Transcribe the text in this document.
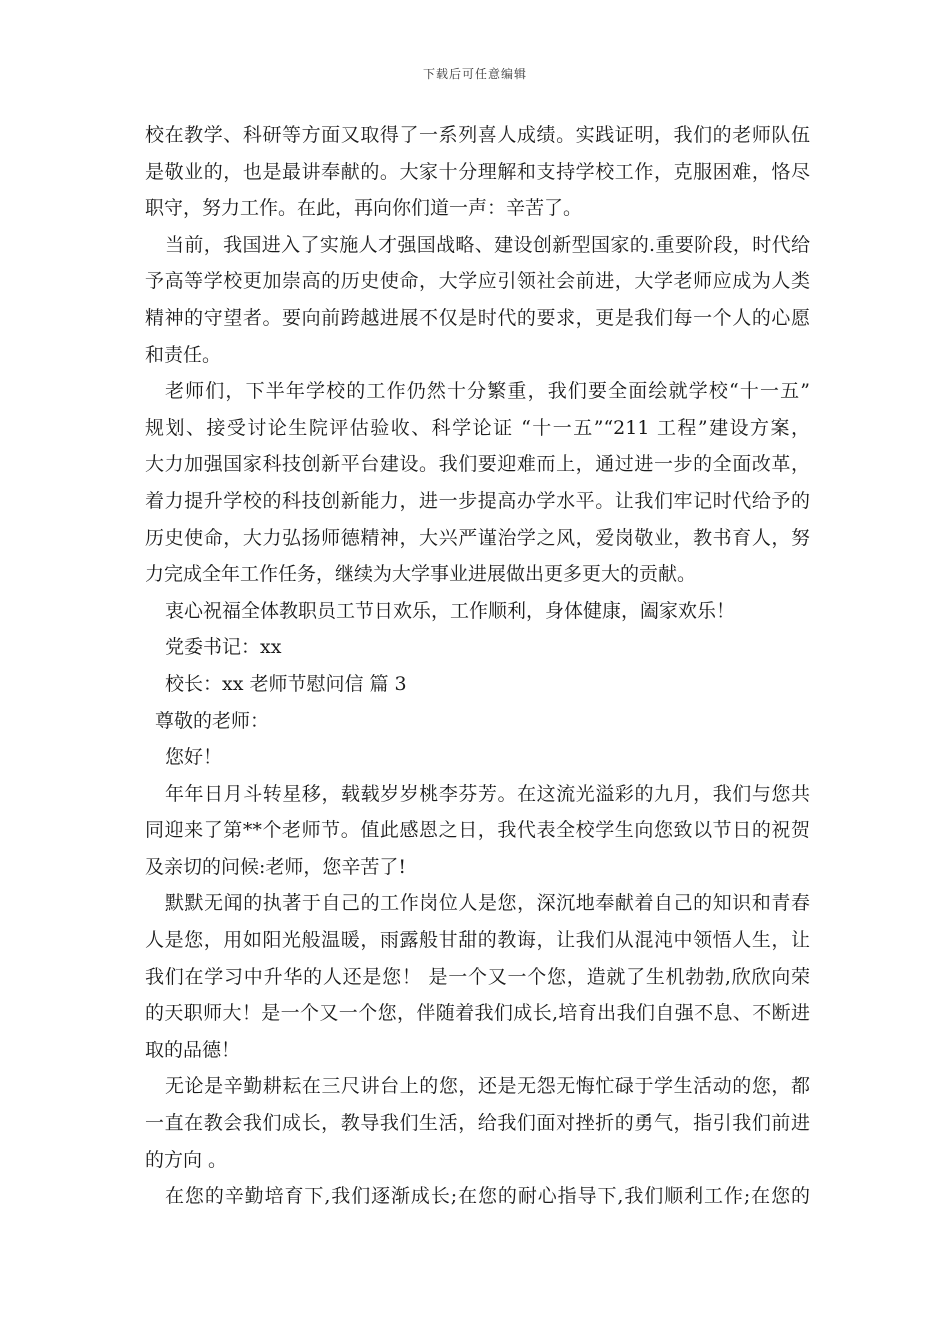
下载后可任意编辑
校在教学、科研等方面又取得了一系列喜人成绩。实践证明，我们的老师队伍
是敬业的，也是最讲奉献的。大家十分理解和支持学校工作，克服困难，恪尽
职守，努力工作。在此，再向你们道一声：辛苦了。
当前，我国进入了实施人才强国战略、建设创新型国家的.重要阶段，时代给
予高等学校更加崇高的历史使命，大学应引领社会前进，大学老师应成为人类
精神的守望者。要向前跨越进展不仅是时代的要求，更是我们每一个人的心愿
和责任。
老师们，下半年学校的工作仍然十分繁重，我们要全面绘就学校“十一五”
规划、接受讨论生院评估验收、科学论证 “十一五”“211 工程”建设方案，
大力加强国家科技创新平台建设。我们要迎难而上，通过进一步的全面改革，
着力提升学校的科技创新能力，进一步提高办学水平。让我们牢记时代给予的
历史使命，大力弘扬师德精神，大兴严谨治学之风，爱岗敬业，教书育人，努
力完成全年工作任务，继续为大学事业进展做出更多更大的贡献。
衷心祝福全体教职员工节日欢乐，工作顺利，身体健康，阖家欢乐！
党委书记：xx
校长：xx 老师节慰问信 篇 3
尊敬的老师：
您好！
年年日月斗转星移，载载岁岁桃李芬芳。在这流光溢彩的九月，我们与您共
同迎来了第**个老师节。值此感恩之日，我代表全校学生向您致以节日的祝贺
及亲切的问候:老师，您辛苦了!
默默无闻的执著于自己的工作岗位人是您，深沉地奉献着自己的知识和青春
人是您，用如阳光般温暖，雨露般甘甜的教诲，让我们从混沌中领悟人生，让
我们在学习中升华的人还是您！ 是一个又一个您，造就了生机勃勃,欣欣向荣
的天职师大！是一个又一个您，伴随着我们成长,培育出我们自强不息、不断进
取的品德！
无论是辛勤耕耘在三尺讲台上的您，还是无怨无悔忙碌于学生活动的您，都
一直在教会我们成长，教导我们生活，给我们面对挫折的勇气，指引我们前进
的方向 。
在您的辛勤培育下,我们逐渐成长;在您的耐心指导下,我们顺利工作;在您的
